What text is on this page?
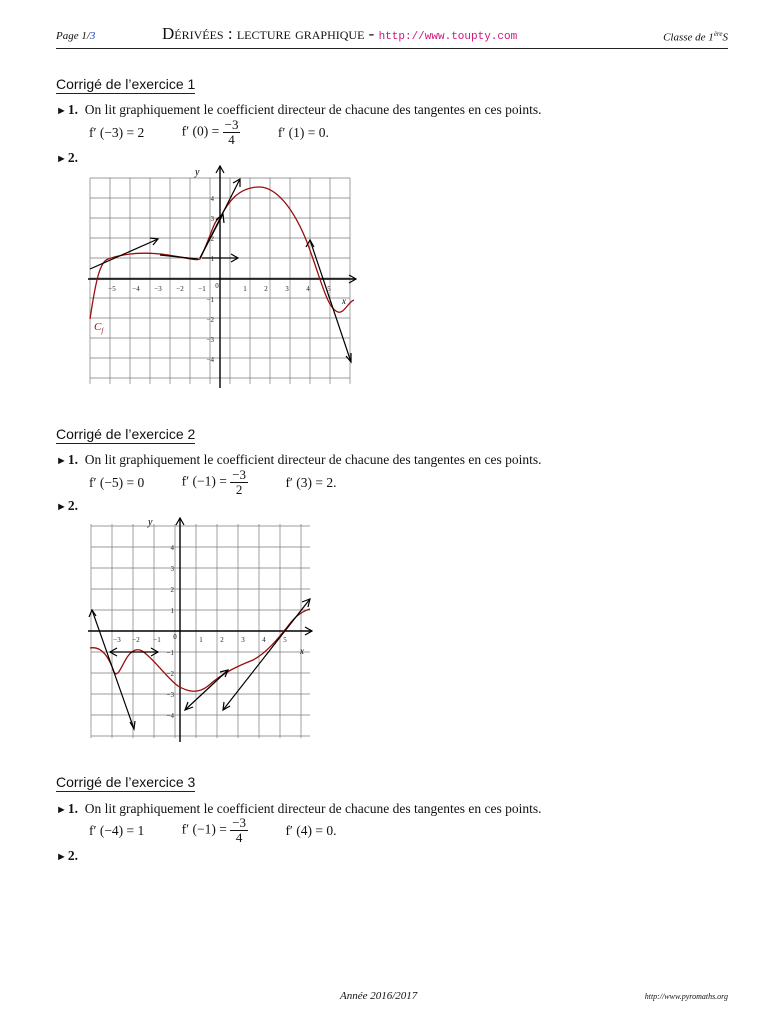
Page 1/3	Dérivées : lecture graphique - http://www.toupty.com	Classe de 1èreS
Corrigé de l’exercice 1
►1. On lit graphiquement le coefficient directeur de chacune des tangentes en ces points.
f′ (−3) = 2	f′ $(0) = \frac{-3}{4}$	f′ (1) = 0.
►2.
−5 −4 −3 −2 −1 0	1	2	3	4	5
4
3
2
1
−1
−2
−3
−4
y
x
$C_f$
Corrigé de l’exercice 2
►1. On lit graphiquement le coefficient directeur de chacune des tangentes en ces points.
f′ (−5) = 0	f′ $(-1) = \frac{-3}{2}$	f′ (3) = 2.
►2.
−3 −2 −1 0	1	2	3	4	5
4
3
2
1
−1
−2
−3
−4
y
x
Corrigé de l’exercice 3
►1. On lit graphiquement le coefficient directeur de chacune des tangentes en ces points.
f′ (−4) = 1	f′ $(-1) = \frac{-3}{4}$	f′ (4) = 0.
►2.
Année 2016/2017	http://www.pyromaths.org
